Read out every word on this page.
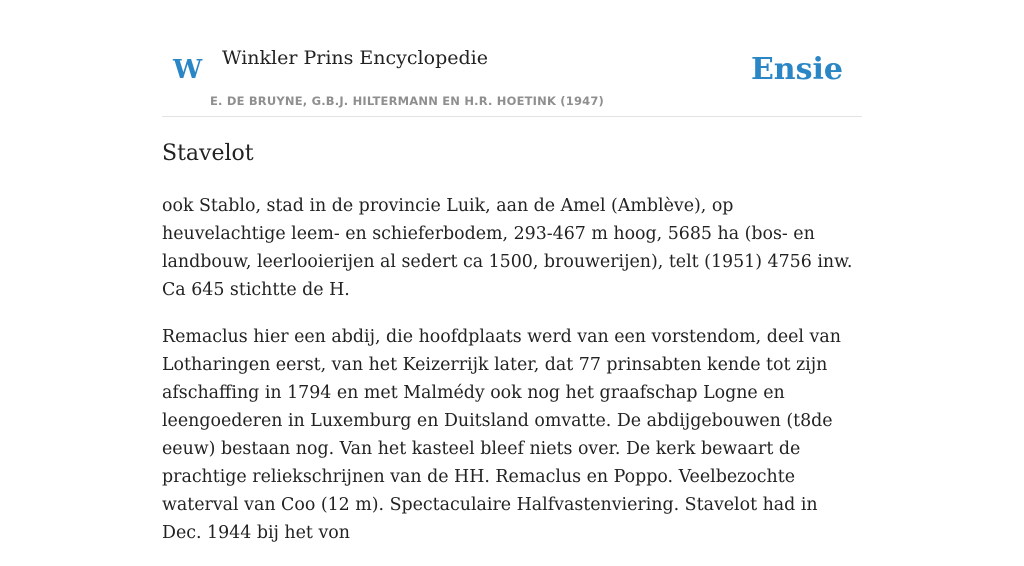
W Winkler Prins Encyclopedie
E. DE BRUYNE, G.B.J. HILTERMANN EN H.R. HOETINK (1947)
Ensie
Stavelot

ook Stablo, stad in de provincie Luik, aan de Amel (Amblève), op heuvelachtige leem- en schieferbodem, 293-467 m hoog, 5685 ha (bos- en landbouw, leerlooierijen al sedert ca 1500, brouwerijen), telt (1951) 4756 inw. Ca 645 stichtte de H.

Remaclus hier een abdij, die hoofdplaats werd van een vorstendom, deel van Lotharingen eerst, van het Keizerrijk later, dat 77 prinsabten kende tot zijn afschaffing in 1794 en met Malmédy ook nog het graafschap Logne en leengoederen in Luxemburg en Duitsland omvatte. De abdijgebouwen (t8de eeuw) bestaan nog. Van het kasteel bleef niets over. De kerk bewaart de prachtige reliekschrijnen van de HH. Remaclus en Poppo. Veelbezochte waterval van Coo (12 m). Spectaculaire Halfvastenviering. Stavelot had in Dec. 1944 bij het von
